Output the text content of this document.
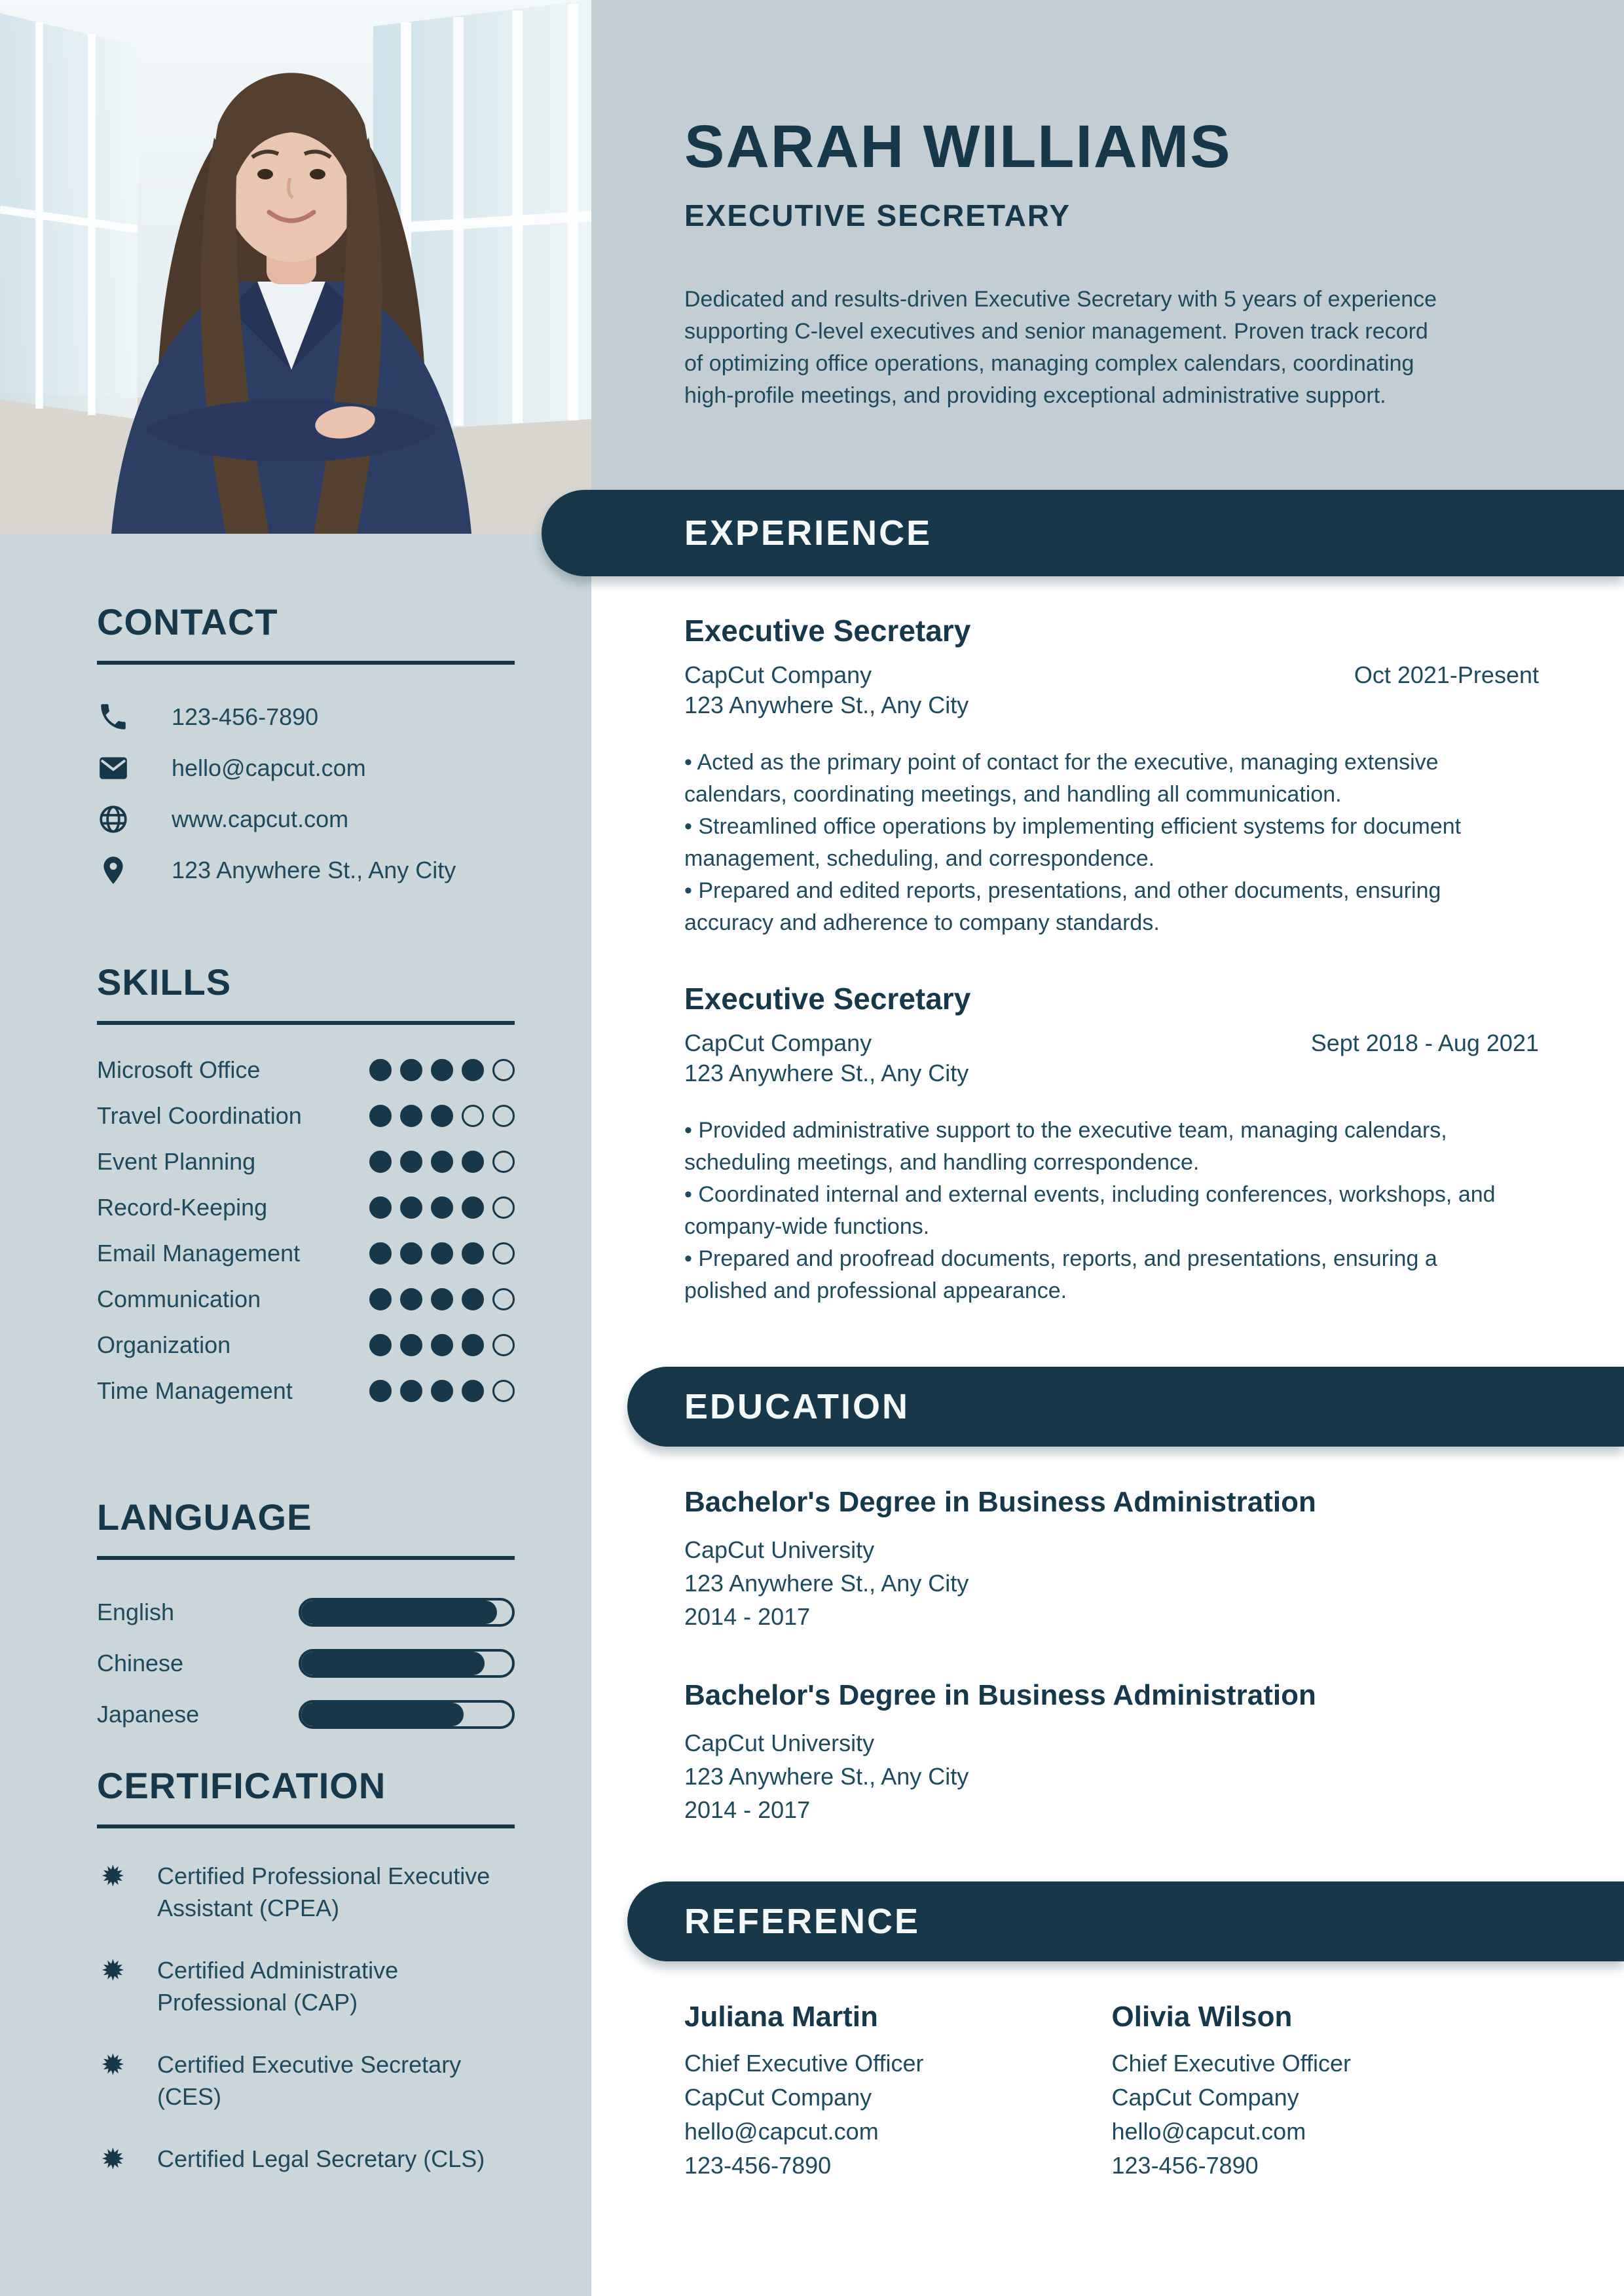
CONTACT
123-456-7890
hello@capcut.com
www.capcut.com
123 Anywhere St., Any City
SKILLS
Microsoft Office
Travel Coordination
Event Planning
Record-Keeping
Email Management
Communication
Organization
Time Management
LANGUAGE
English
Chinese
Japanese
CERTIFICATION
✹	Certified Professional Executive Assistant (CPEA)
✹	Certified Administrative Professional (CAP)
✹	Certified Executive Secretary (CES)
✹	Certified Legal Secretary (CLS)
SARAH WILLIAMS
EXECUTIVE SECRETARY
Dedicated and results-driven Executive Secretary with 5 years of experience supporting C-level executives and senior management. Proven track record of optimizing office operations, managing complex calendars, coordinating high-profile meetings, and providing exceptional administrative support.
EXPERIENCE
Executive Secretary
CapCut Company	Oct 2021-Present
123 Anywhere St., Any City
• Acted as the primary point of contact for the executive, managing extensive calendars, coordinating meetings, and handling all communication.
• Streamlined office operations by implementing efficient systems for document management, scheduling, and correspondence.
• Prepared and edited reports, presentations, and other documents, ensuring accuracy and adherence to company standards.
Executive Secretary
CapCut Company	Sept 2018 - Aug 2021
123 Anywhere St., Any City
• Provided administrative support to the executive team, managing calendars, scheduling meetings, and handling correspondence.
• Coordinated internal and external events, including conferences, workshops, and company-wide functions.
• Prepared and proofread documents, reports, and presentations, ensuring a polished and professional appearance.
EDUCATION
Bachelor's Degree in Business Administration
CapCut University
123 Anywhere St., Any City
2014 - 2017
Bachelor's Degree in Business Administration
CapCut University
123 Anywhere St., Any City
2014 - 2017
REFERENCE
Juliana Martin
Chief Executive Officer
CapCut Company
hello@capcut.com
123-456-7890
Olivia Wilson
Chief Executive Officer
CapCut Company
hello@capcut.com
123-456-7890
